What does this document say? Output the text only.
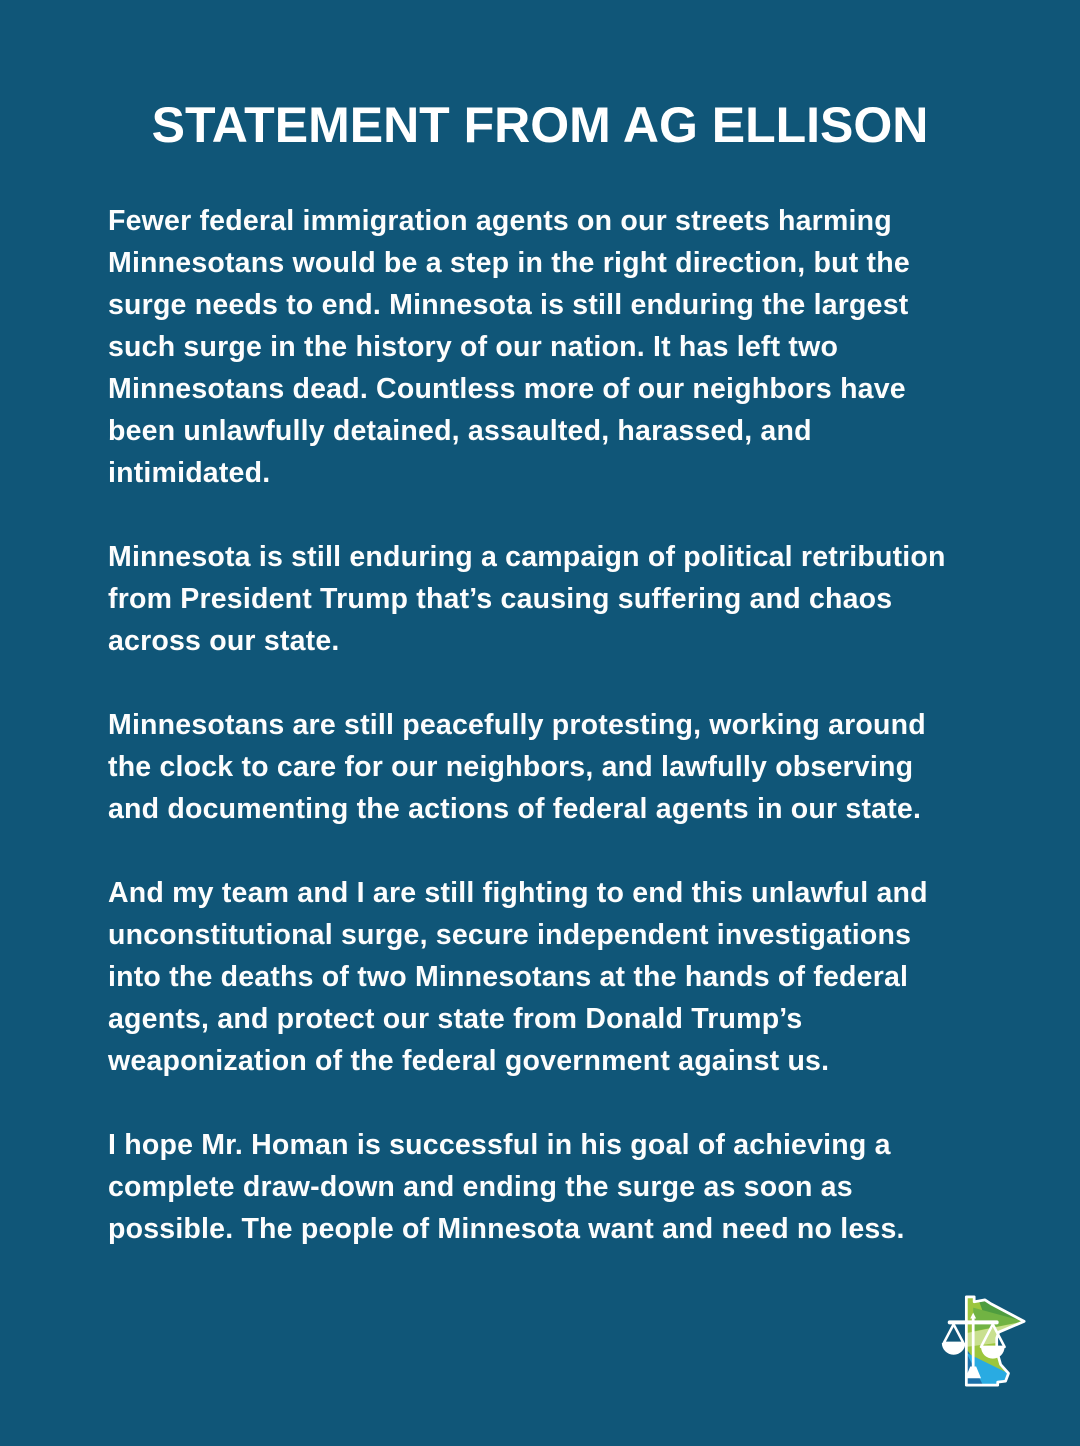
STATEMENT FROM AG ELLISON

Fewer federal immigration agents on our streets harming Minnesotans would be a step in the right direction, but the surge needs to end. Minnesota is still enduring the largest such surge in the history of our nation. It has left two Minnesotans dead. Countless more of our neighbors have been unlawfully detained, assaulted, harassed, and intimidated.

Minnesota is still enduring a campaign of political retribution from President Trump that’s causing suffering and chaos across our state.

Minnesotans are still peacefully protesting, working around the clock to care for our neighbors, and lawfully observing and documenting the actions of federal agents in our state.

And my team and I are still fighting to end this unlawful and unconstitutional surge, secure independent investigations into the deaths of two Minnesotans at the hands of federal agents, and protect our state from Donald Trump’s weaponization of the federal government against us.

I hope Mr. Homan is successful in his goal of achieving a complete draw-down and ending the surge as soon as possible. The people of Minnesota want and need no less.
